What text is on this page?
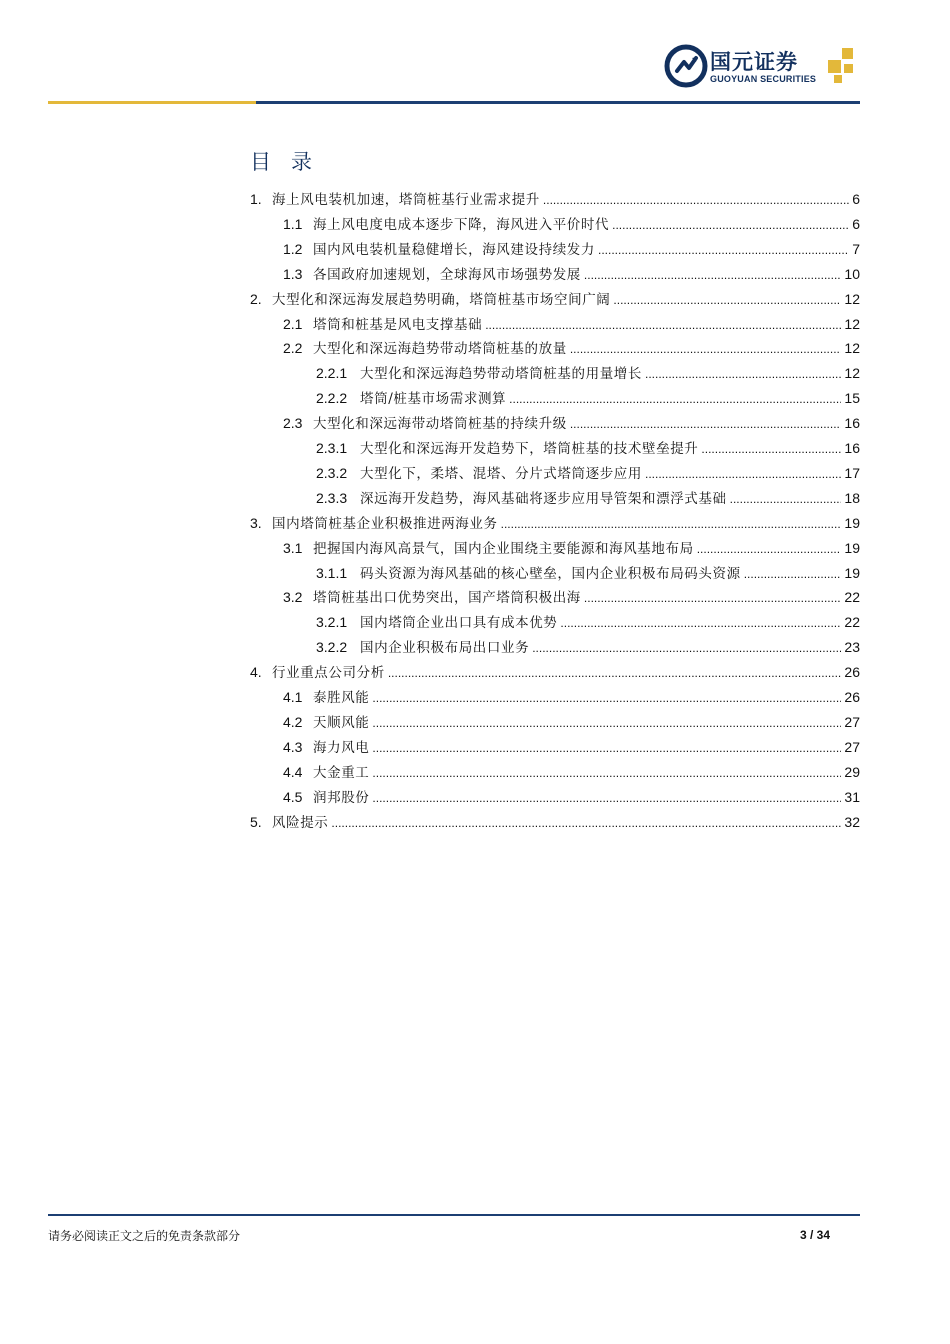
国元证券
GUOYUAN SECURITIES
目录
1. 海上风电装机加速，塔筒桩基行业需求提升 .....	6
1.1 海上风电度电成本逐步下降，海风进入平价时代 .....	6
1.2 国内风电装机量稳健增长，海风建设持续发力 .....	7
1.3 各国政府加速规划，全球海风市场强势发展 .....	10
2. 大型化和深远海发展趋势明确，塔筒桩基市场空间广阔 .....	12
2.1 塔筒和桩基是风电支撑基础 .....	12
2.2 大型化和深远海趋势带动塔筒桩基的放量 .....	12
2.2.1 大型化和深远海趋势带动塔筒桩基的用量增长 .....	12
2.2.2 塔筒/桩基市场需求测算 .....	15
2.3 大型化和深远海带动塔筒桩基的持续升级 .....	16
2.3.1 大型化和深远海开发趋势下，塔筒桩基的技术壁垒提升 .....	16
2.3.2 大型化下，柔塔、混塔、分片式塔筒逐步应用 .....	17
2.3.3 深远海开发趋势，海风基础将逐步应用导管架和漂浮式基础 .....	18
3. 国内塔筒桩基企业积极推进两海业务 .....	19
3.1 把握国内海风高景气，国内企业围绕主要能源和海风基地布局 .....	19
3.1.1 码头资源为海风基础的核心壁垒，国内企业积极布局码头资源 .....	19
3.2 塔筒桩基出口优势突出，国产塔筒积极出海 .....	22
3.2.1 国内塔筒企业出口具有成本优势 .....	22
3.2.2 国内企业积极布局出口业务 .....	23
4. 行业重点公司分析 .....	26
4.1 泰胜风能 .....	26
4.2 天顺风能 .....	27
4.3 海力风电 .....	27
4.4 大金重工 .....	29
4.5 润邦股份 .....	31
5. 风险提示 .....	32
请务必阅读正文之后的免责条款部分	3 / 34
